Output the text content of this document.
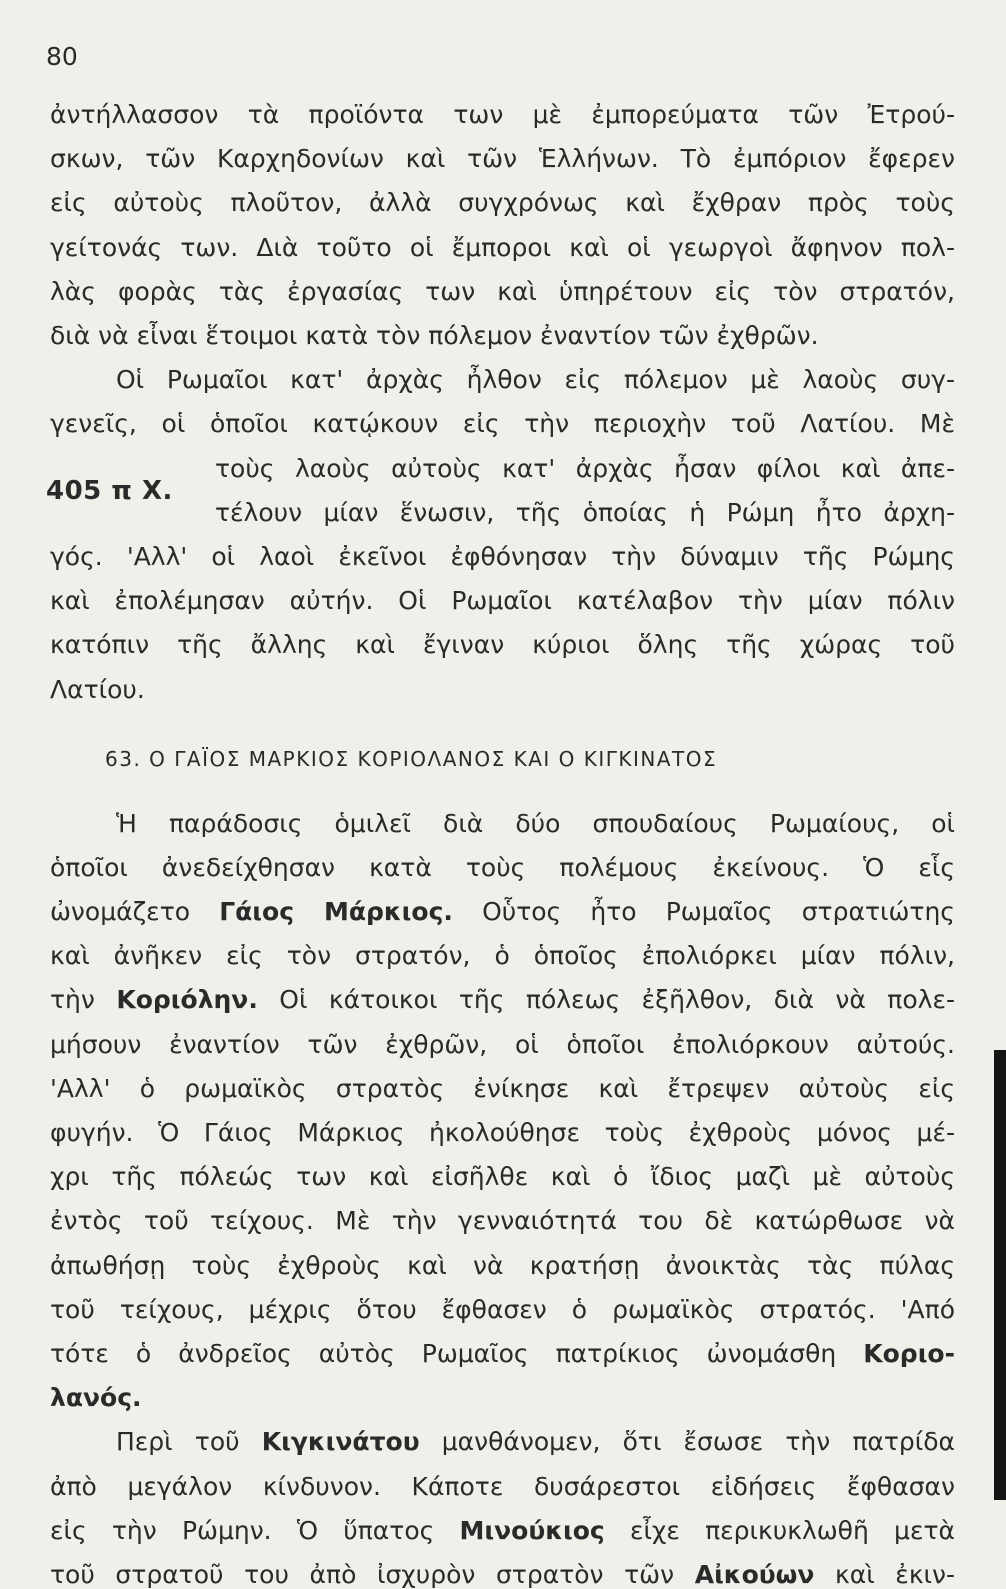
80
ἀντήλλασσον τὰ προϊόντα των μὲ ἐμπορεύματα τῶν Ἐτρού-
σκων, τῶν Καρχηδονίων καὶ τῶν Ἑλλήνων. Τὸ ἐμπόριον ἔφερεν
εἰς αὐτοὺς πλοῦτον, ἀλλὰ συγχρόνως καὶ ἔχθραν πρὸς τοὺς
γείτονάς των. Διὰ τοῦτο οἱ ἔμποροι καὶ οἱ γεωργοὶ ἄφηνον πολ-
λὰς φορὰς τὰς ἐργασίας των καὶ ὑπηρέτουν εἰς τὸν στρατόν,
διὰ νὰ εἶναι ἕτοιμοι κατὰ τὸν πόλεμον ἐναντίον τῶν ἐχθρῶν.
Οἱ Ρωμαῖοι κατ' ἀρχὰς ἦλθον εἰς πόλεμον μὲ λαοὺς συγ-
γενεῖς, οἱ ὁποῖοι κατῴκουν εἰς τὴν περιοχὴν τοῦ Λατίου. Μὲ
405 π Χ.
τοὺς λαοὺς αὐτοὺς κατ' ἀρχὰς ἦσαν φίλοι καὶ ἀπε-
τέλουν μίαν ἕνωσιν, τῆς ὁποίας ἡ Ρώμη ἦτο ἀρχη-
γός. 'Αλλ' οἱ λαοὶ ἐκεῖνοι ἐφθόνησαν τὴν δύναμιν τῆς Ρώμης
καὶ ἐπολέμησαν αὐτήν. Οἱ Ρωμαῖοι κατέλαβον τὴν μίαν πόλιν
κατόπιν τῆς ἄλλης καὶ ἔγιναν κύριοι ὅλης τῆς χώρας τοῦ
Λατίου.
63. Ο ΓΑΪΟΣ ΜΑΡΚΙΟΣ ΚΟΡΙΟΛΑΝΟΣ ΚΑΙ Ο ΚΙΓΚΙΝΑΤΟΣ
Ἡ παράδοσις ὁμιλεῖ διὰ δύο σπουδαίους Ρωμαίους, οἱ
ὁποῖοι ἀνεδείχθησαν κατὰ τοὺς πολέμους ἐκείνους. Ὁ εἷς
ὠνομάζετο Γάιος Μάρκιος. Οὗτος ἦτο Ρωμαῖος στρατιώτης
καὶ ἀνῆκεν εἰς τὸν στρατόν, ὁ ὁποῖος ἐπολιόρκει μίαν πόλιν,
τὴν Κοριόλην. Οἱ κάτοικοι τῆς πόλεως ἐξῆλθον, διὰ νὰ πολε-
μήσουν ἐναντίον τῶν ἐχθρῶν, οἱ ὁποῖοι ἐπολιόρκουν αὐτούς.
'Αλλ' ὁ ρωμαϊκὸς στρατὸς ἐνίκησε καὶ ἔτρεψεν αὐτοὺς εἰς
φυγήν. Ὁ Γάιος Μάρκιος ἠκολούθησε τοὺς ἐχθροὺς μόνος μέ-
χρι τῆς πόλεώς των καὶ εἰσῆλθε καὶ ὁ ἴδιος μαζὶ μὲ αὐτοὺς
ἐντὸς τοῦ τείχους. Μὲ τὴν γενναιότητά του δὲ κατώρθωσε νὰ
ἀπωθήσῃ τοὺς ἐχθροὺς καὶ νὰ κρατήσῃ ἀνοικτὰς τὰς πύλας
τοῦ τείχους, μέχρις ὅτου ἔφθασεν ὁ ρωμαϊκὸς στρατός. 'Από
τότε ὁ ἀνδρεῖος αὐτὸς Ρωμαῖος πατρίκιος ὠνομάσθη Κοριο-
λανός.
Περὶ τοῦ Κιγκινάτου μανθάνομεν, ὅτι ἔσωσε τὴν πατρίδα
ἀπὸ μεγάλον κίνδυνον. Κάποτε δυσάρεστοι εἰδήσεις ἔφθασαν
εἰς τὴν Ρώμην. Ὁ ὕπατος Μινούκιος εἶχε περικυκλωθῆ μετὰ
τοῦ στρατοῦ του ἀπὸ ἰσχυρὸν στρατὸν τῶν Αἰκούων καὶ ἐκιν-
